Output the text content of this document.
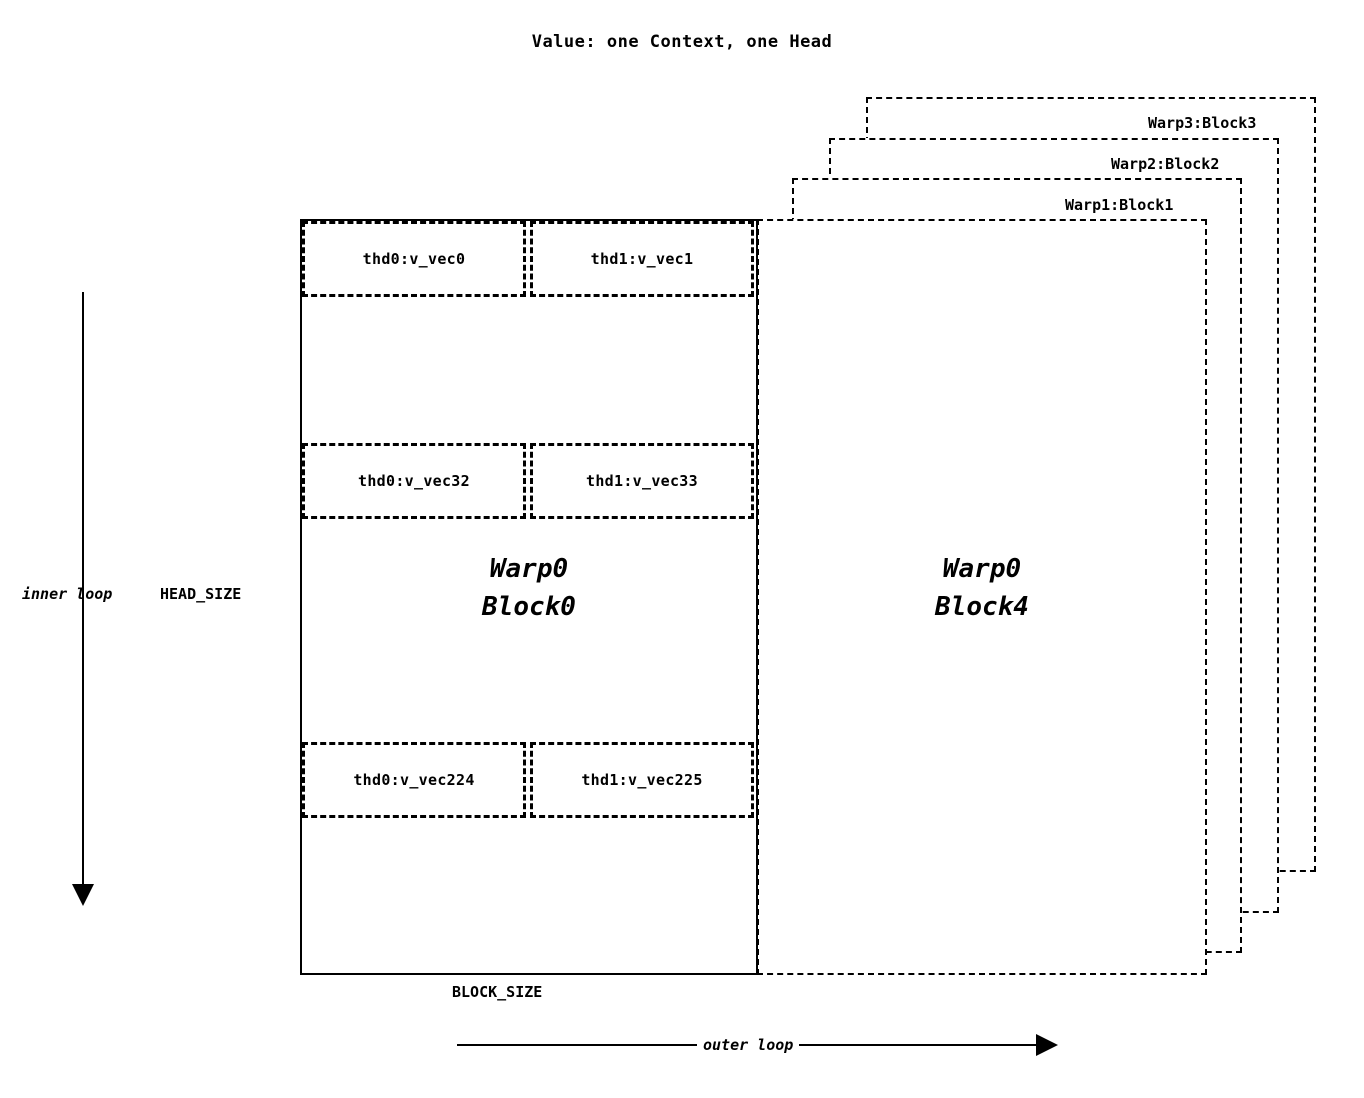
Value: one Context, one Head
Warp3:Block3
Warp2:Block2
Warp1:Block1
Warp0
Block4
Warp0
Block0
thd0:v_vec0	thd1:v_vec1
thd0:v_vec32	thd1:v_vec33
thd0:v_vec224	thd1:v_vec225
inner loop	HEAD_SIZE
outer loop
BLOCK_SIZE
